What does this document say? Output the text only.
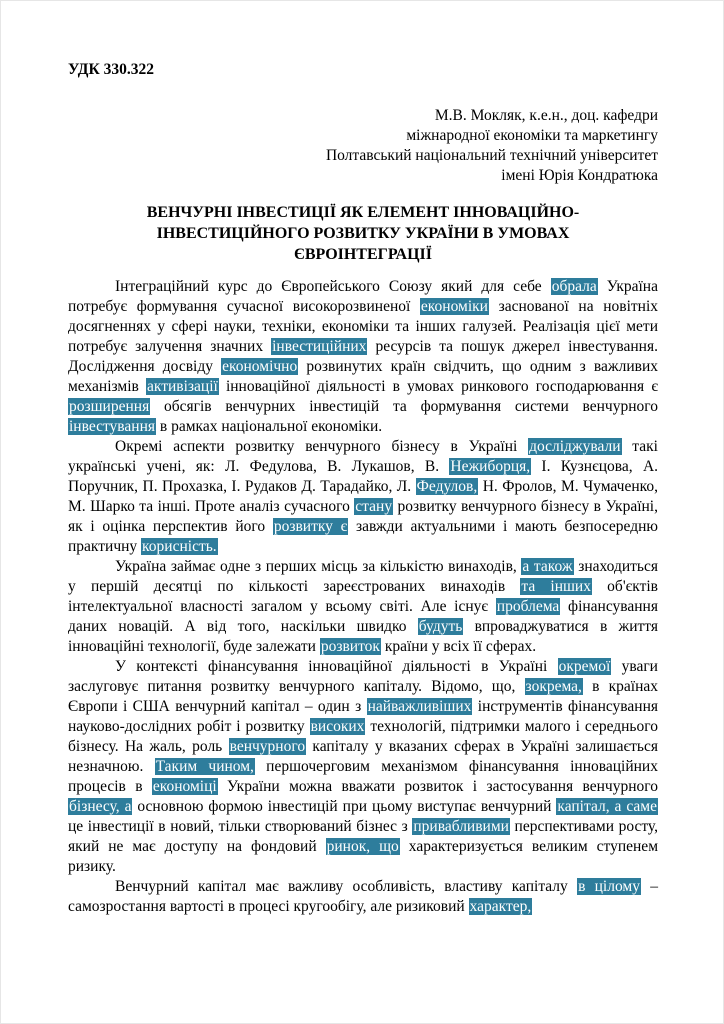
УДК 330.322
М.В. Мокляк, к.е.н., доц. кафедри
міжнародної економіки та маркетингу
Полтавський національний технічний університет
імені Юрія Кондратюка
ВЕНЧУРНІ ІНВЕСТИЦІЇ ЯК ЕЛЕМЕНТ ІННОВАЦІЙНО-ІНВЕСТИЦІЙНОГО РОЗВИТКУ УКРАЇНИ В УМОВАХ ЄВРОІНТЕГРАЦІЇ

Інтеграційний курс до Європейського Союзу який для себе обрала Україна потребує формування сучасної високорозвиненої економіки заснованої на новітніх досягненнях у сфері науки, техніки, економіки та інших галузей. Реалізація цієї мети потребує залучення значних інвестиційних ресурсів та пошук джерел інвестування. Дослідження досвіду економічно розвинутих країн свідчить, що одним з важливих механізмів активізації інноваційної діяльності в умовах ринкового господарювання є розширення обсягів венчурних інвестицій та формування системи венчурного інвестування в рамках національної економіки.

Окремі аспекти розвитку венчурного бізнесу в Україні досліджували такі українські учені, як: Л. Федулова, В. Лукашов, В. Нежиборця, І. Кузнєцова, А. Поручник, П. Прохазка, І. Рудаков Д. Тарадайко, Л. Федулов, Н. Фролов, М. Чумаченко, М. Шарко та інші. Проте аналіз сучасного стану розвитку венчурного бізнесу в Україні, як і оцінка перспектив його розвитку є завжди актуальними і мають безпосередню практичну корисність.

Україна займає одне з перших місць за кількістю винаходів, а також знаходиться у першій десятці по кількості зареєстрованих винаходів та інших об'єктів інтелектуальної власності загалом у всьому світі. Але існує проблема фінансування даних новацій. А від того, наскільки швидко будуть впроваджуватися в життя інноваційні технології, буде залежати розвиток країни у всіх її сферах.

У контексті фінансування інноваційної діяльності в Україні окремої уваги заслуговує питання розвитку венчурного капіталу. Відомо, що, зокрема, в країнах Європи і США венчурний капітал – один з найважливіших інструментів фінансування науково-дослідних робіт і розвитку високих технологій, підтримки малого і середнього бізнесу. На жаль, роль венчурного капіталу у вказаних сферах в Україні залишається незначною. Таким чином, першочерговим механізмом фінансування інноваційних процесів в економіці України можна вважати розвиток і застосування венчурного бізнесу, а основною формою інвестицій при цьому виступає венчурний капітал, а саме це інвестиції в новий, тільки створюваний бізнес з привабливими перспективами росту, який не має доступу на фондовий ринок, що характеризується великим ступенем ризику.

Венчурний капітал має важливу особливість, властиву капіталу в цілому – самозростання вартості в процесі кругообігу, але ризиковий характер,
